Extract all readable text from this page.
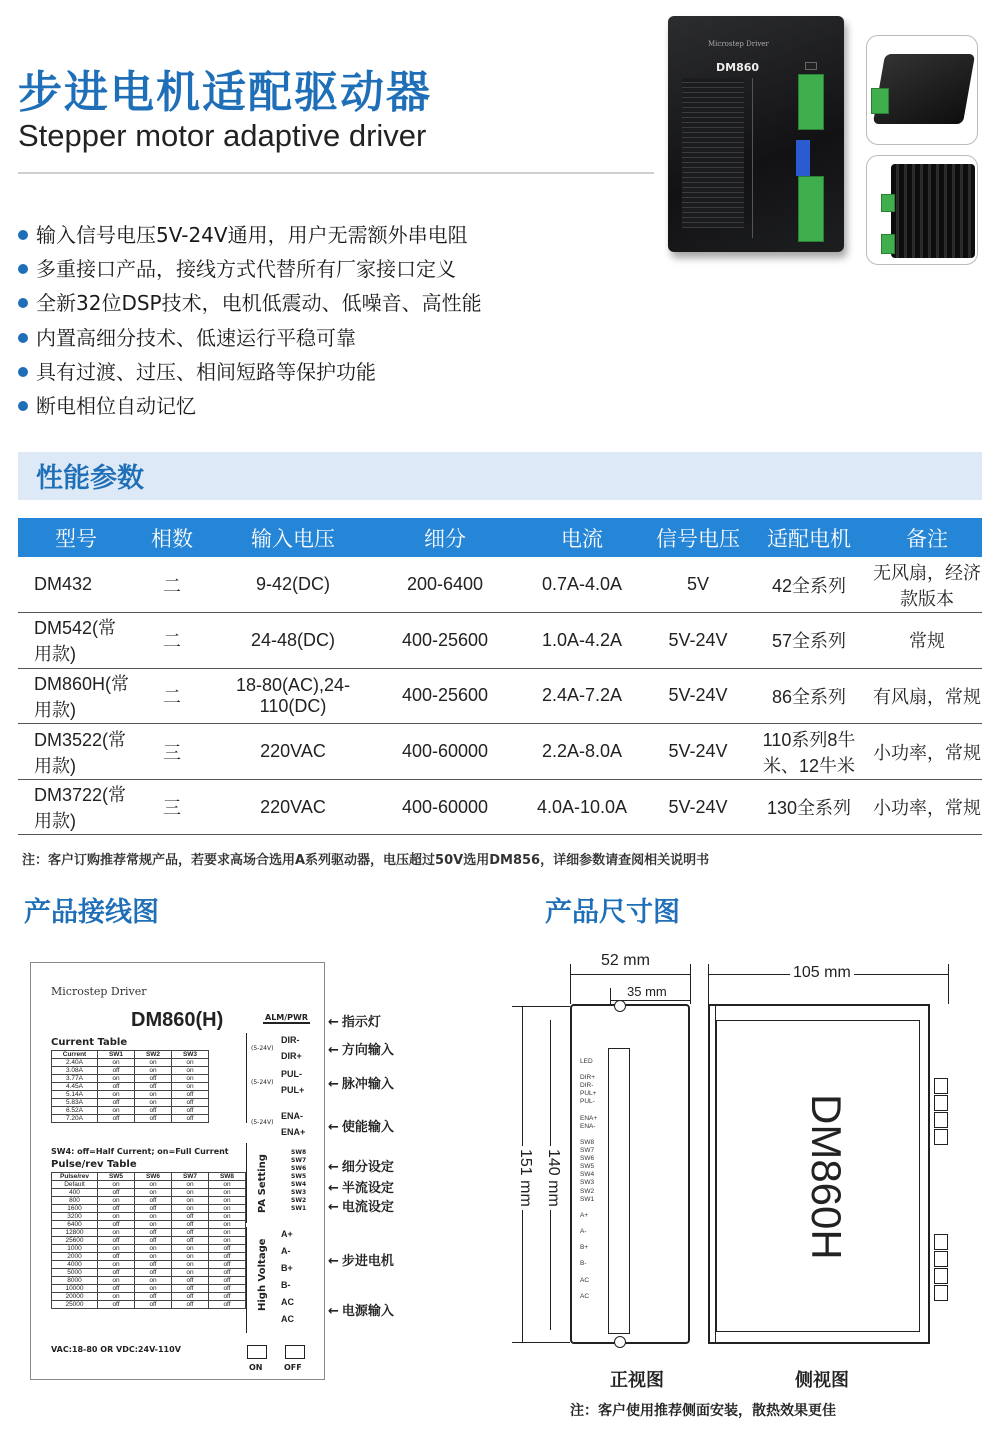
步进电机适配驱动器
Stepper motor adaptive driver
输入信号电压5V-24V通用，用户无需额外串电阻
多重接口产品，接线方式代替所有厂家接口定义
全新32位DSP技术，电机低震动、低噪音、高性能
内置高细分技术、低速运行平稳可靠
具有过渡、过压、相间短路等保护功能
断电相位自动记忆
Microstep Driver
DM860
性能参数
型号	相数	输入电压	细分	电流	信号电压	适配电机	备注
DM432	二	9-42(DC)	200-6400	0.7A-4.0A	5V	42全系列	无风扇，经济款版本
DM542(常用款)	二	24-48(DC)	400-25600	1.0A-4.2A	5V-24V	57全系列	常规
DM860H(常用款)	二	18-80(AC),24-110(DC)	400-25600	2.4A-7.2A	5V-24V	86全系列	有风扇，常规
DM3522(常用款)	三	220VAC	400-60000	2.2A-8.0A	5V-24V	110系列8牛米、12牛米	小功率，常规
DM3722(常用款)	三	220VAC	400-60000	4.0A-10.0A	5V-24V	130全系列	小功率，常规
注：客户订购推荐常规产品，若要求高场合选用A系列驱动器，电压超过50V选用DM856，详细参数请查阅相关说明书
产品接线图	产品尺寸图
Microstep Driver
DM860(H)
Current Table
Current	SW1	SW2	SW3
2.40A	on	on	on
3.08A	off	on	on
3.77A	on	off	on
4.45A	off	off	on
5.14A	on	on	off
5.83A	off	on	off
6.52A	on	off	off
7.20A	off	off	off
SW4: off=Half Current; on=Full Current
Pulse/rev Table
Pulse/rev	SW5	SW6	SW7	SW8
Default	on	on	on	on
400	off	on	on	on
800	on	off	on	on
1600	off	off	on	on
3200	on	on	off	on
6400	off	on	off	on
12800	on	off	off	on
25600	off	off	off	on
1000	on	on	on	off
2000	off	on	on	off
4000	on	off	on	off
5000	off	off	on	off
8000	on	on	off	off
10000	off	on	off	off
20000	on	off	off	off
25000	off	off	off	off
VAC:18-80 OR VDC:24V-110V
ALM/PWR
(5-24V)
(5-24V)
(5-24V)
DIR-
DIR+
PUL-
PUL+
ENA-
ENA+
PA Setting
SW8
SW7
SW6
SW5
SW4
SW3
SW2
SW1
High Voltage
A+
A-
B+
B-
AC
AC
ON	OFF
← 指示灯
← 方向输入
← 脉冲输入
← 使能输入
← 细分设定
← 半流设定
← 电流设定
← 步进电机
← 电源输入
52 mm
35 mm
151 mm 140 mm
LED

DIR+
DIR-
PUL+
PUL-

ENA+
ENA-

SW8
SW7
SW6
SW5
SW4
SW3
SW2
SW1

A+

A-

B+

B-

AC

AC
105 mm
DM860H
正视图	侧视图
注：客户使用推荐侧面安装，散热效果更佳
